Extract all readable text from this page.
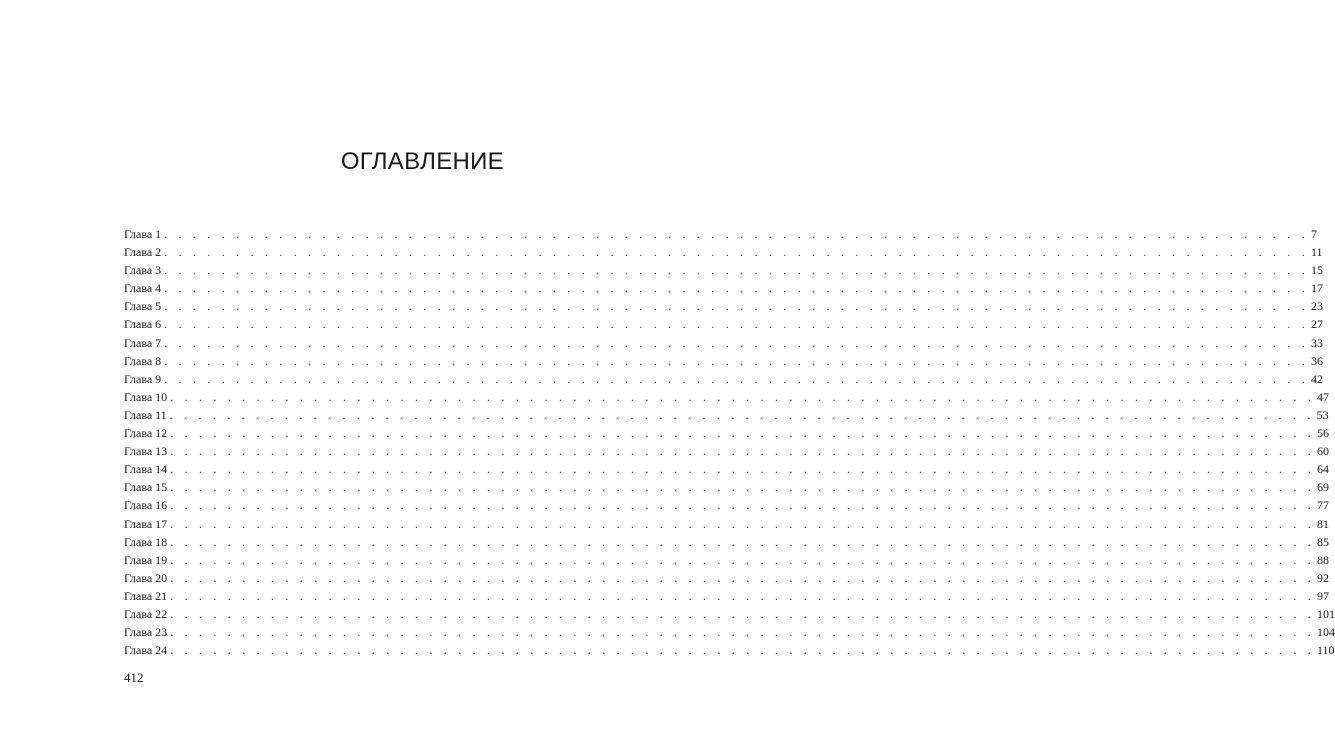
ОГЛАВЛЕНИЕ
Глава 1 . . . . . . . . . . . . . . . . . . . . . . . . . . . . . . . . . . . . . . . . . . . . . . . . . . . . . . . . . . . . . . . . . . . . . . . . . . . . . . . . 7
Глава 2 . . . . . . . . . . . . . . . . . . . . . . . . . . . . . . . . . . . . . . . . . . . . . . . . . . . . . . . . . . . . . . . . . . . . . . . . . . . . . . . . 11
Глава 3 . . . . . . . . . . . . . . . . . . . . . . . . . . . . . . . . . . . . . . . . . . . . . . . . . . . . . . . . . . . . . . . . . . . . . . . . . . . . . . . . 15
Глава 4 . . . . . . . . . . . . . . . . . . . . . . . . . . . . . . . . . . . . . . . . . . . . . . . . . . . . . . . . . . . . . . . . . . . . . . . . . . . . . . . . 17
Глава 5 . . . . . . . . . . . . . . . . . . . . . . . . . . . . . . . . . . . . . . . . . . . . . . . . . . . . . . . . . . . . . . . . . . . . . . . . . . . . . . . . 23
Глава 6 . . . . . . . . . . . . . . . . . . . . . . . . . . . . . . . . . . . . . . . . . . . . . . . . . . . . . . . . . . . . . . . . . . . . . . . . . . . . . . . . 27
Глава 7 . . . . . . . . . . . . . . . . . . . . . . . . . . . . . . . . . . . . . . . . . . . . . . . . . . . . . . . . . . . . . . . . . . . . . . . . . . . . . . . . 33
Глава 8 . . . . . . . . . . . . . . . . . . . . . . . . . . . . . . . . . . . . . . . . . . . . . . . . . . . . . . . . . . . . . . . . . . . . . . . . . . . . . . . . 36
Глава 9 . . . . . . . . . . . . . . . . . . . . . . . . . . . . . . . . . . . . . . . . . . . . . . . . . . . . . . . . . . . . . . . . . . . . . . . . . . . . . . . . 42
Глава 10 . . . . . . . . . . . . . . . . . . . . . . . . . . . . . . . . . . . . . . . . . . . . . . . . . . . . . . . . . . . . . . . . . . . . . . . . . . . . . . . . 47
Глава 11 . . . . . . . . . . . . . . . . . . . . . . . . . . . . . . . . . . . . . . . . . . . . . . . . . . . . . . . . . . . . . . . . . . . . . . . . . . . . . . . . 53
Глава 12 . . . . . . . . . . . . . . . . . . . . . . . . . . . . . . . . . . . . . . . . . . . . . . . . . . . . . . . . . . . . . . . . . . . . . . . . . . . . . . . . 56
Глава 13 . . . . . . . . . . . . . . . . . . . . . . . . . . . . . . . . . . . . . . . . . . . . . . . . . . . . . . . . . . . . . . . . . . . . . . . . . . . . . . . . 60
Глава 14 . . . . . . . . . . . . . . . . . . . . . . . . . . . . . . . . . . . . . . . . . . . . . . . . . . . . . . . . . . . . . . . . . . . . . . . . . . . . . . . . 64
Глава 15 . . . . . . . . . . . . . . . . . . . . . . . . . . . . . . . . . . . . . . . . . . . . . . . . . . . . . . . . . . . . . . . . . . . . . . . . . . . . . . . . 69
Глава 16 . . . . . . . . . . . . . . . . . . . . . . . . . . . . . . . . . . . . . . . . . . . . . . . . . . . . . . . . . . . . . . . . . . . . . . . . . . . . . . . . 77
Глава 17 . . . . . . . . . . . . . . . . . . . . . . . . . . . . . . . . . . . . . . . . . . . . . . . . . . . . . . . . . . . . . . . . . . . . . . . . . . . . . . . . 81
Глава 18 . . . . . . . . . . . . . . . . . . . . . . . . . . . . . . . . . . . . . . . . . . . . . . . . . . . . . . . . . . . . . . . . . . . . . . . . . . . . . . . . 85
Глава 19 . . . . . . . . . . . . . . . . . . . . . . . . . . . . . . . . . . . . . . . . . . . . . . . . . . . . . . . . . . . . . . . . . . . . . . . . . . . . . . . . 88
Глава 20 . . . . . . . . . . . . . . . . . . . . . . . . . . . . . . . . . . . . . . . . . . . . . . . . . . . . . . . . . . . . . . . . . . . . . . . . . . . . . . . . 92
Глава 21 . . . . . . . . . . . . . . . . . . . . . . . . . . . . . . . . . . . . . . . . . . . . . . . . . . . . . . . . . . . . . . . . . . . . . . . . . . . . . . . . 97
Глава 22 . . . . . . . . . . . . . . . . . . . . . . . . . . . . . . . . . . . . . . . . . . . . . . . . . . . . . . . . . . . . . . . . . . . . . . . . . . . . . . . . 101
Глава 23 . . . . . . . . . . . . . . . . . . . . . . . . . . . . . . . . . . . . . . . . . . . . . . . . . . . . . . . . . . . . . . . . . . . . . . . . . . . . . . . . 104
Глава 24 . . . . . . . . . . . . . . . . . . . . . . . . . . . . . . . . . . . . . . . . . . . . . . . . . . . . . . . . . . . . . . . . . . . . . . . . . . . . . . . . 110
412
